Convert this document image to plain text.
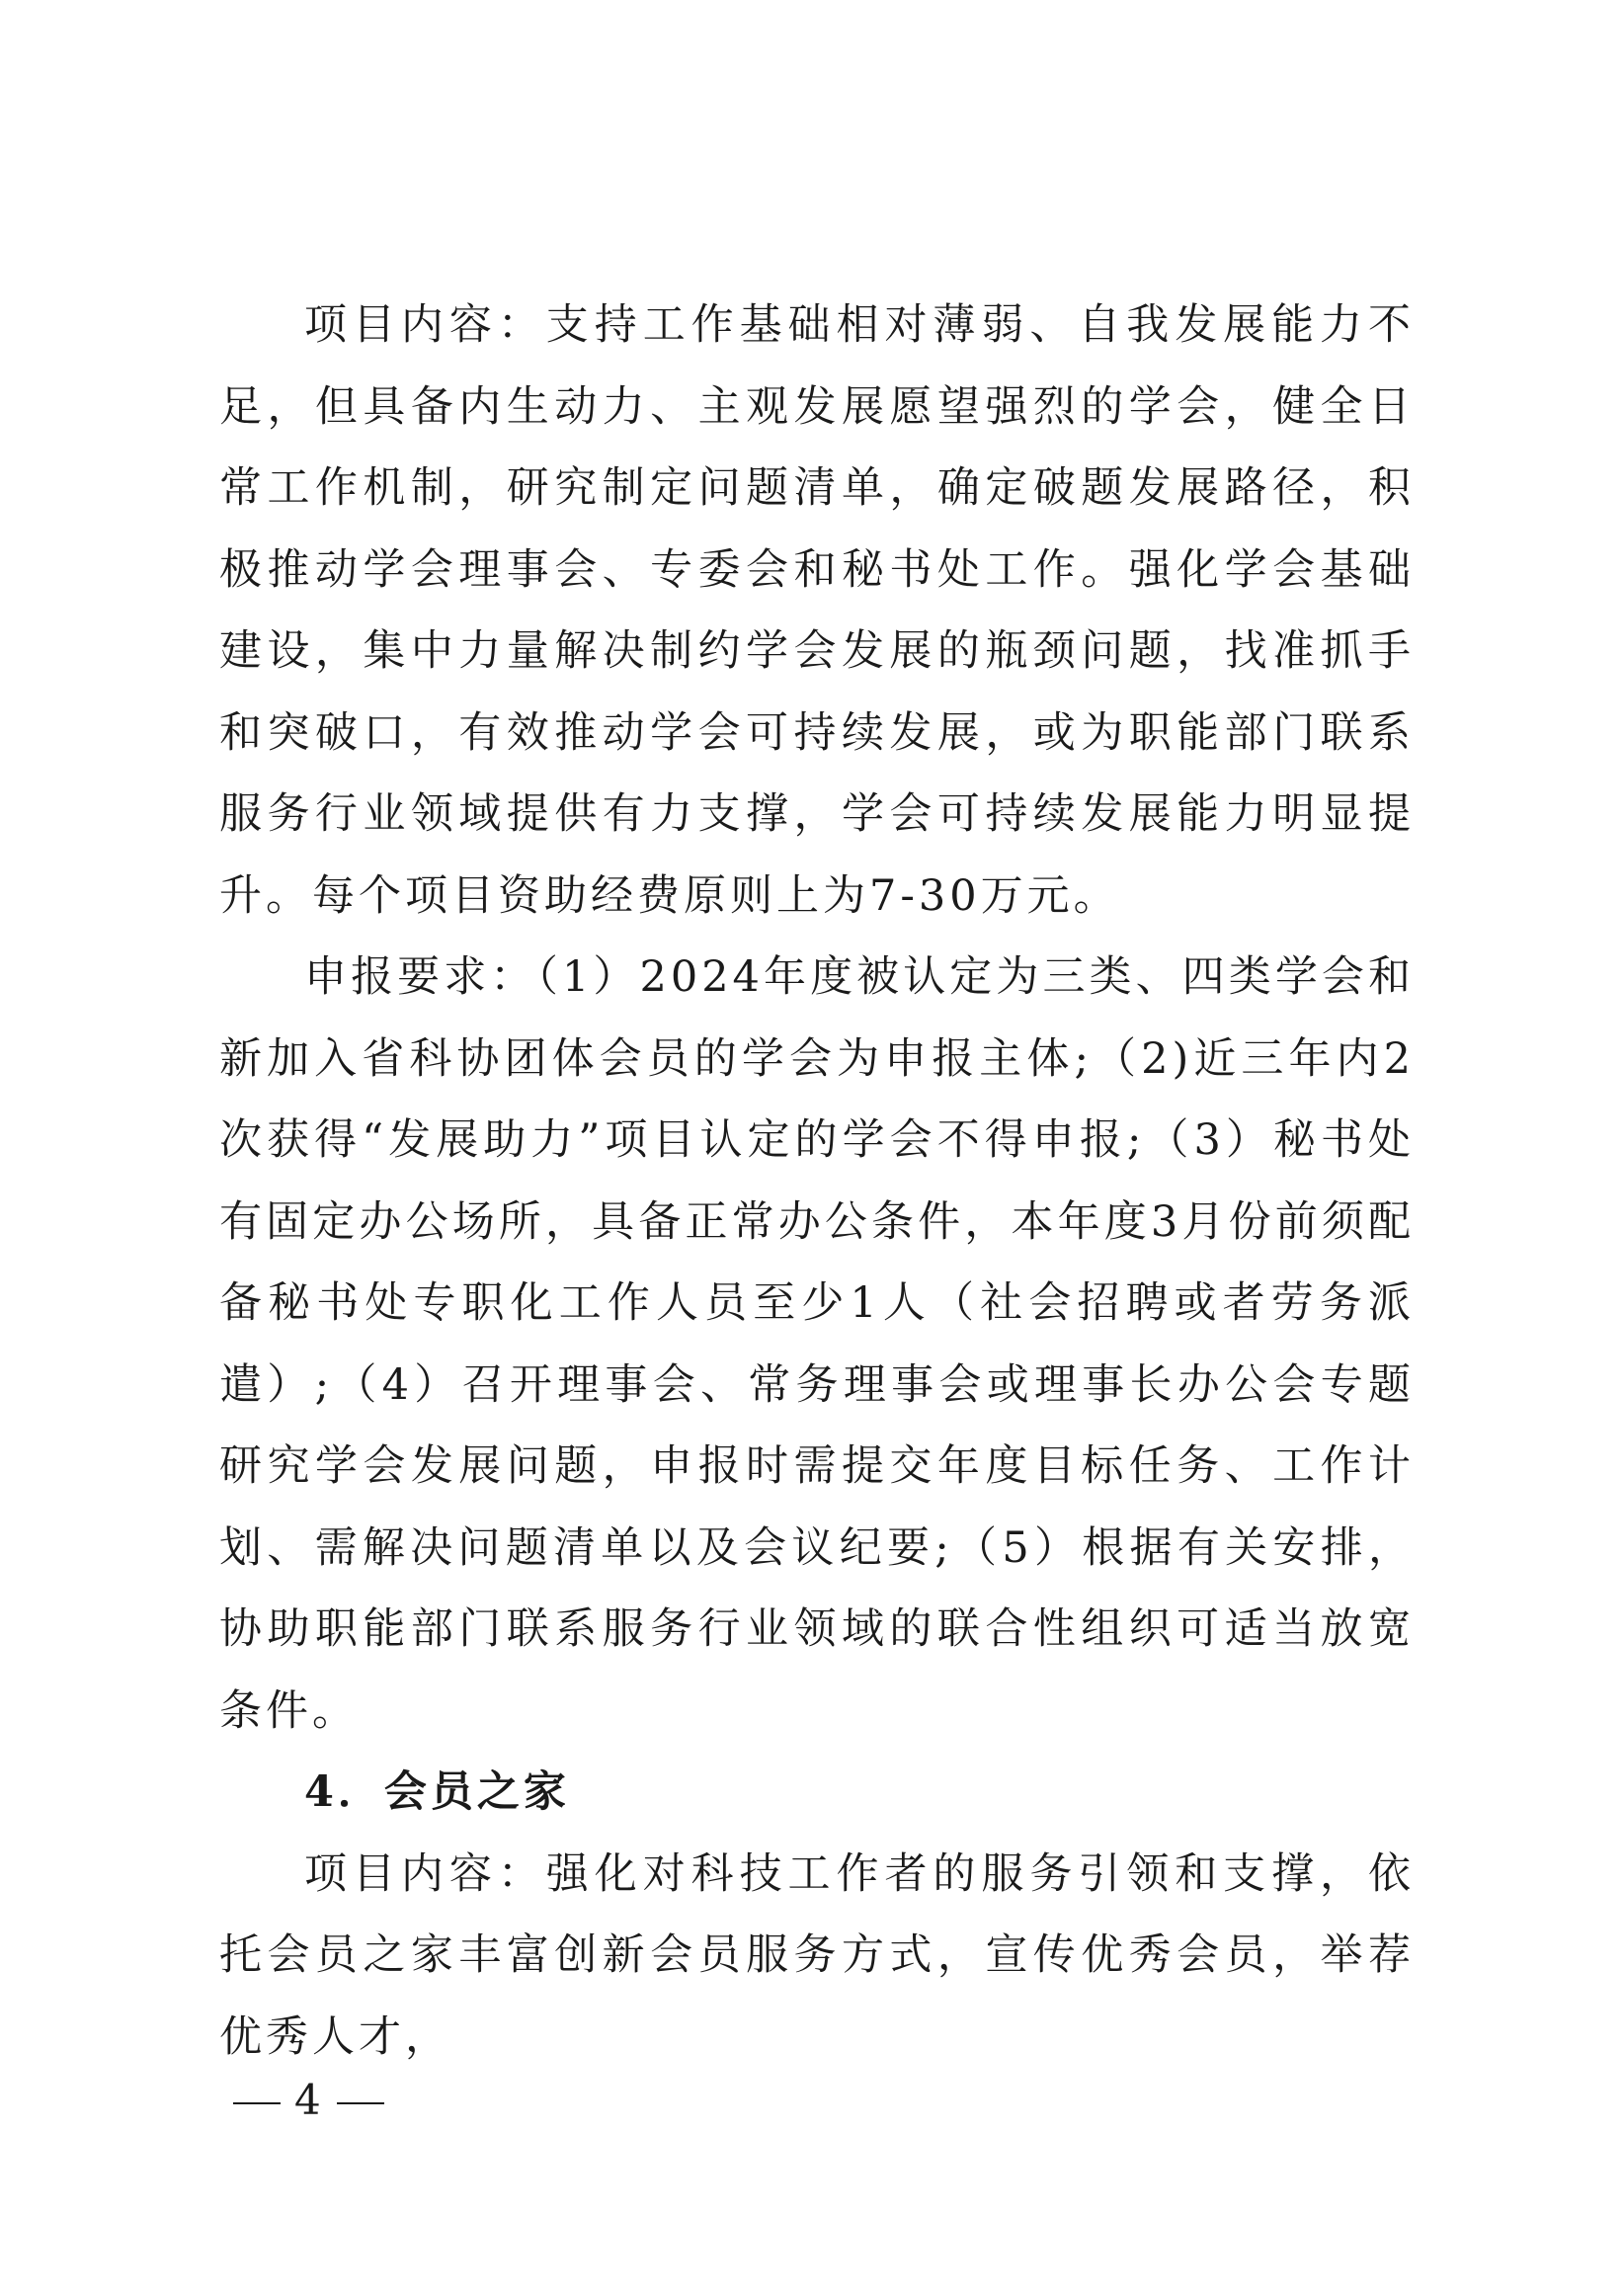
项目内容：支持工作基础相对薄弱、自我发展能力不足，但具备内生动力、主观发展愿望强烈的学会，健全日常工作机制，研究制定问题清单，确定破题发展路径，积极推动学会理事会、专委会和秘书处工作。强化学会基础建设，集中力量解决制约学会发展的瓶颈问题，找准抓手和突破口，有效推动学会可持续发展，或为职能部门联系服务行业领域提供有力支撑，学会可持续发展能力明显提升。每个项目资助经费原则上为7-30万元。

申报要求：（1）2024年度被认定为三类、四类学会和新加入省科协团体会员的学会为申报主体;（2)近三年内2次获得“发展助力”项目认定的学会不得申报;（3）秘书处有固定办公场所，具备正常办公条件，本年度3月份前须配备秘书处专职化工作人员至少1人（社会招聘或者劳务派遣）;（4）召开理事会、常务理事会或理事长办公会专题研究学会发展问题，申报时需提交年度目标任务、工作计划、需解决问题清单以及会议纪要;（5）根据有关安排，协助职能部门联系服务行业领域的联合性组织可适当放宽条件。

4．会员之家

项目内容：强化对科技工作者的服务引领和支撑，依托会员之家丰富创新会员服务方式，宣传优秀会员，举荐优秀人才，

4
